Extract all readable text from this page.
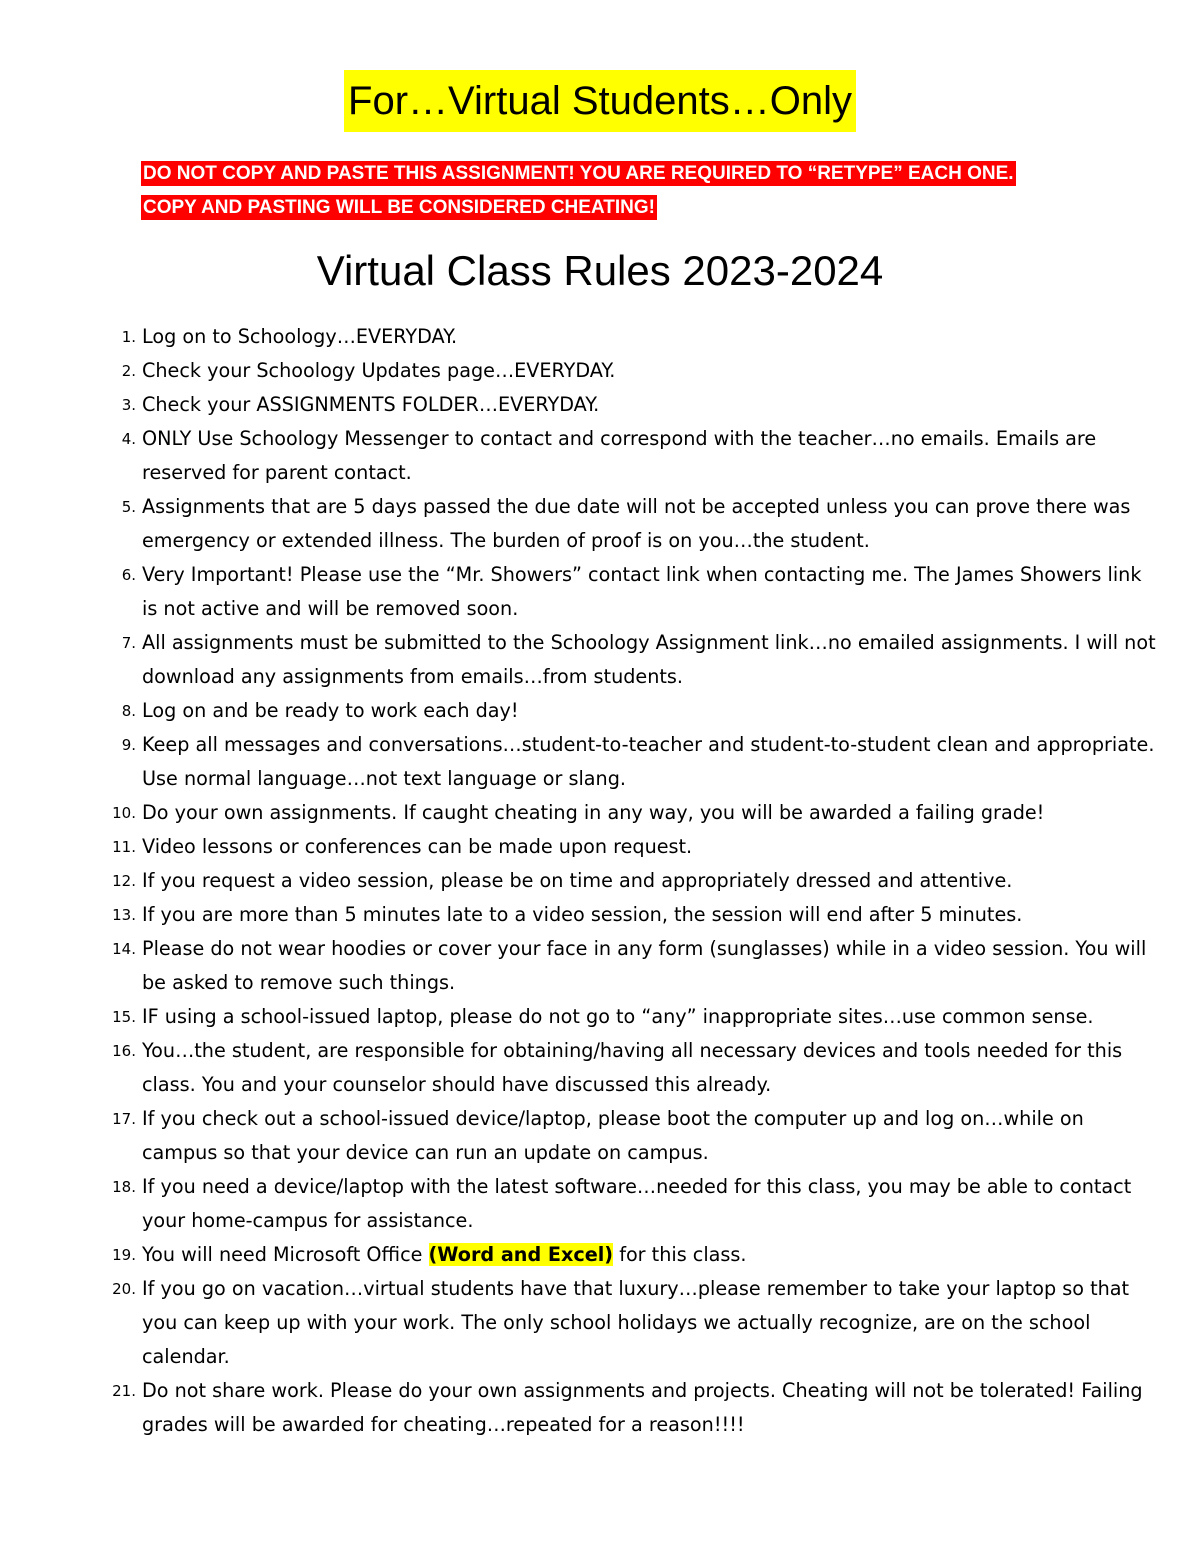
For…Virtual Students…Only
DO NOT COPY AND PASTE THIS ASSIGNMENT! YOU ARE REQUIRED TO “RETYPE” EACH ONE.
COPY AND PASTING WILL BE CONSIDERED CHEATING!
Virtual Class Rules 2023-2024
1. Log on to Schoology…EVERYDAY.
2. Check your Schoology Updates page…EVERYDAY.
3. Check your ASSIGNMENTS FOLDER…EVERYDAY.
4. ONLY Use Schoology Messenger to contact and correspond with the teacher…no emails. Emails are reserved for parent contact.
5. Assignments that are 5 days passed the due date will not be accepted unless you can prove there was emergency or extended illness. The burden of proof is on you…the student.
6. Very Important! Please use the “Mr. Showers” contact link when contacting me. The James Showers link is not active and will be removed soon.
7. All assignments must be submitted to the Schoology Assignment link…no emailed assignments. I will not download any assignments from emails…from students.
8. Log on and be ready to work each day!
9. Keep all messages and conversations…student-to-teacher and student-to-student clean and appropriate. Use normal language…not text language or slang.
10. Do your own assignments. If caught cheating in any way, you will be awarded a failing grade!
11. Video lessons or conferences can be made upon request.
12. If you request a video session, please be on time and appropriately dressed and attentive.
13. If you are more than 5 minutes late to a video session, the session will end after 5 minutes.
14. Please do not wear hoodies or cover your face in any form (sunglasses) while in a video session. You will be asked to remove such things.
15. IF using a school-issued laptop, please do not go to “any” inappropriate sites…use common sense.
16. You…the student, are responsible for obtaining/having all necessary devices and tools needed for this class. You and your counselor should have discussed this already.
17. If you check out a school-issued device/laptop, please boot the computer up and log on…while on campus so that your device can run an update on campus.
18. If you need a device/laptop with the latest software…needed for this class, you may be able to contact your home-campus for assistance.
19. You will need Microsoft Office (Word and Excel) for this class.
20. If you go on vacation…virtual students have that luxury…please remember to take your laptop so that you can keep up with your work. The only school holidays we actually recognize, are on the school calendar.
21. Do not share work. Please do your own assignments and projects. Cheating will not be tolerated! Failing grades will be awarded for cheating…repeated for a reason!!!!
